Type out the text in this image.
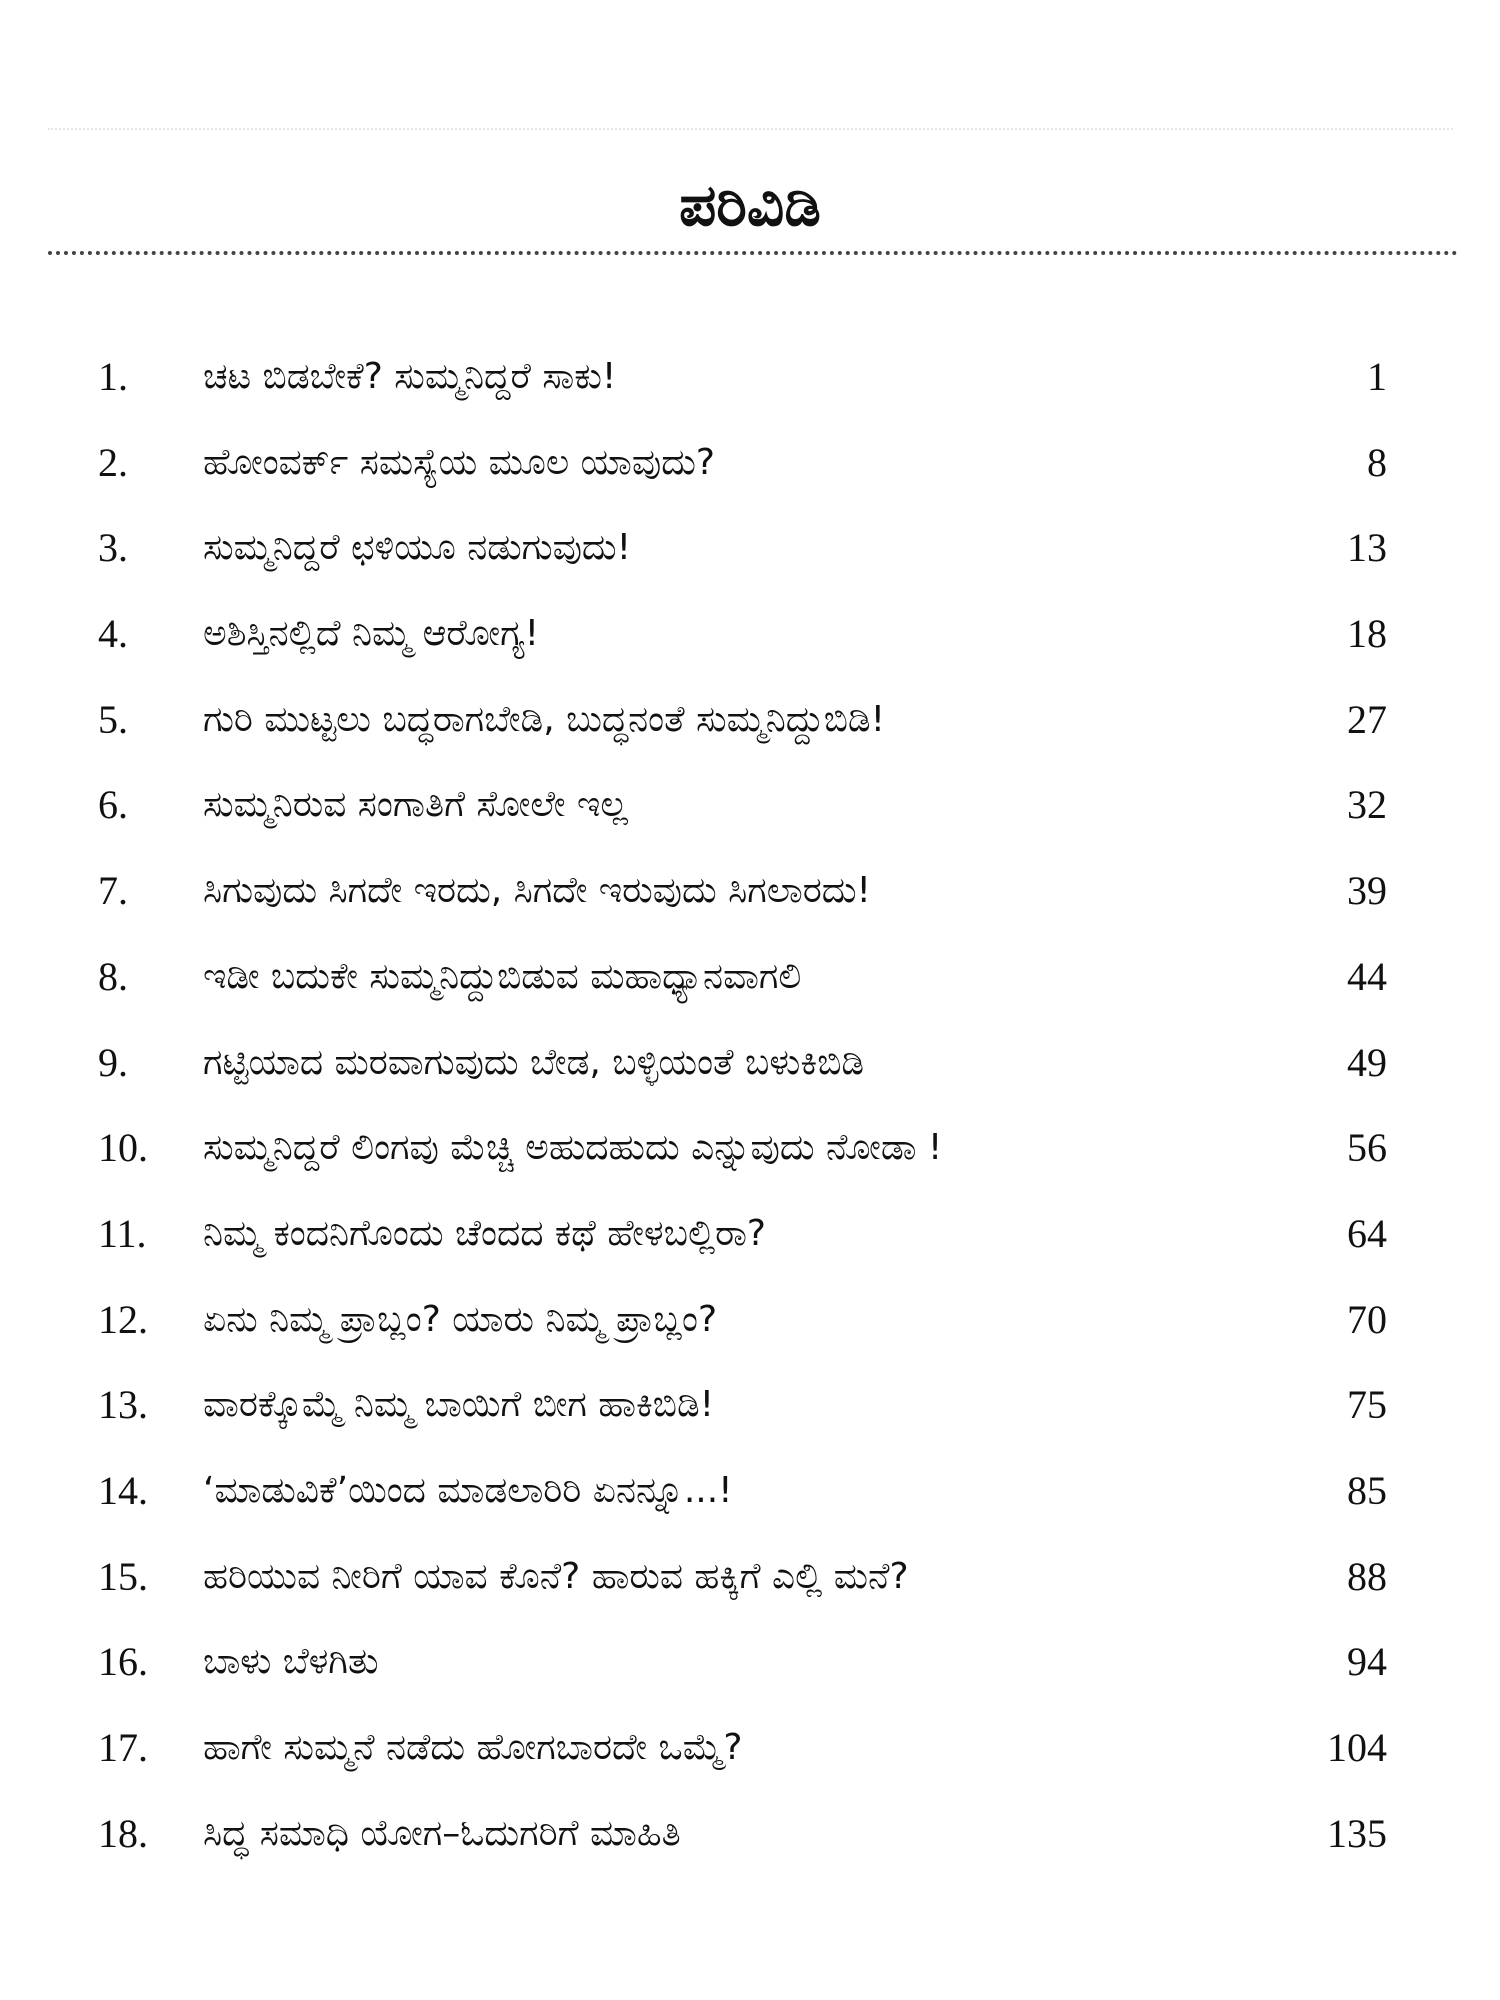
ಪರಿವಿಡಿ
1. ಚಟ ಬಿಡಬೇಕೆ? ಸುಮ್ಮನಿದ್ದರೆ ಸಾಕು!	1
2. ಹೋಂವರ್ಕ್ ಸಮಸ್ಯೆಯ ಮೂಲ ಯಾವುದು?	8
3. ಸುಮ್ಮನಿದ್ದರೆ ಛಳಿಯೂ ನಡುಗುವುದು!	13
4. ಅಶಿಸ್ತಿನಲ್ಲಿದೆ ನಿಮ್ಮ ಆರೋಗ್ಯ!	18
5. ಗುರಿ ಮುಟ್ಟಲು ಬದ್ಧರಾಗಬೇಡಿ, ಬುದ್ಧನಂತೆ ಸುಮ್ಮನಿದ್ದುಬಿಡಿ!	27
6. ಸುಮ್ಮನಿರುವ ಸಂಗಾತಿಗೆ ಸೋಲೇ ಇಲ್ಲ	32
7. ಸಿಗುವುದು ಸಿಗದೇ ಇರದು, ಸಿಗದೇ ಇರುವುದು ಸಿಗಲಾರದು!	39
8. ಇಡೀ ಬದುಕೇ ಸುಮ್ಮನಿದ್ದುಬಿಡುವ ಮಹಾಧ್ಯಾನವಾಗಲಿ	44
9. ಗಟ್ಟಿಯಾದ ಮರವಾಗುವುದು ಬೇಡ, ಬಳ್ಳಿಯಂತೆ ಬಳುಕಿಬಿಡಿ	49
10. ಸುಮ್ಮನಿದ್ದರೆ ಲಿಂಗವು ಮೆಚ್ಚಿ ಅಹುದಹುದು ಎನ್ನುವುದು ನೋಡಾ !	56
11. ನಿಮ್ಮ ಕಂದನಿಗೊಂದು ಚೆಂದದ ಕಥೆ ಹೇಳಬಲ್ಲಿರಾ?	64
12. ಏನು ನಿಮ್ಮ ಪ್ರಾಬ್ಲಂ? ಯಾರು ನಿಮ್ಮ ಪ್ರಾಬ್ಲಂ?	70
13. ವಾರಕ್ಕೊಮ್ಮೆ ನಿಮ್ಮ ಬಾಯಿಗೆ ಬೀಗ ಹಾಕಿಬಿಡಿ!	75
14. ‘ಮಾಡುವಿಕೆ’ಯಿಂದ ಮಾಡಲಾರಿರಿ ಏನನ್ನೂ...!	85
15. ಹರಿಯುವ ನೀರಿಗೆ ಯಾವ ಕೊನೆ? ಹಾರುವ ಹಕ್ಕಿಗೆ ಎಲ್ಲಿ ಮನೆ?	88
16. ಬಾಳು ಬೆಳಗಿತು	94
17. ಹಾಗೇ ಸುಮ್ಮನೆ ನಡೆದು ಹೋಗಬಾರದೇ ಒಮ್ಮೆ?	104
18. ಸಿದ್ಧ ಸಮಾಧಿ ಯೋಗ–ಓದುಗರಿಗೆ ಮಾಹಿತಿ	135
